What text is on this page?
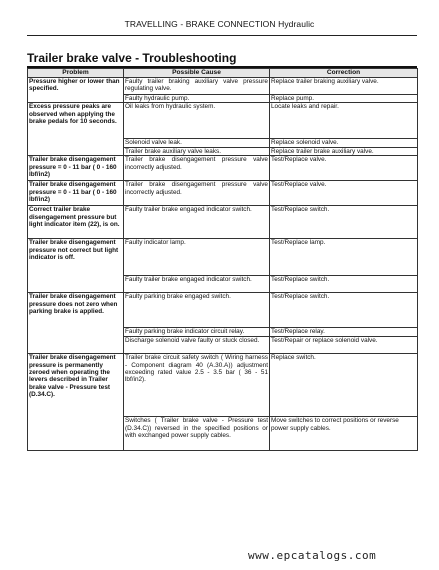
TRAVELLING - BRAKE CONNECTION Hydraulic
Trailer brake valve - Troubleshooting
Problem	Possible Cause	Correction
Pressure higher or lower than specified.	Faulty trailer braking auxiliary valve pressure regulating valve.	Replace trailer braking auxiliary valve.
	Faulty hydraulic pump.	Replace pump.
Excess pressure peaks are observed when applying the brake pedals for 10 seconds.	Oil leaks from hydraulic system.	Locate leaks and repair.
	Solenoid valve leak.	Replace solenoid valve.
	Trailer brake auxiliary valve leaks.	Replace trailer brake auxiliary valve.
Trailer brake disengagement pressure = 0 - 11 bar ( 0 - 160 lbf/in2)	Trailer brake disengagement pressure valve incorrectly adjusted.	Test/Replace valve.
Trailer brake disengagement pressure = 0 - 11 bar ( 0 - 160 lbf/in2)	Trailer brake disengagement pressure valve incorrectly adjusted.	Test/Replace valve.
Correct trailer brake disengagement pressure but light indicator item (22), is on.	Faulty trailer brake engaged indicator switch.	Test/Replace switch.
Trailer brake disengagement pressure not correct but light indicator is off.	Faulty indicator lamp.	Test/Replace lamp.
	Faulty trailer brake engaged indicator switch.	Test/Replace switch.
Trailer brake disengagement pressure does not zero when parking brake is applied.	Faulty parking brake engaged switch.	Test/Replace switch.
	Faulty parking brake indicator circuit relay.	Test/Replace relay.
	Discharge solenoid valve faulty or stuck closed.	Test/Repair or replace solenoid valve.
Trailer brake disengagement pressure is permanently zeroed when operating the levers described in Trailer brake valve - Pressure test (D.34.C).	Trailer brake circuit safety switch ( Wiring harness - Component diagram 40 (A.30.A)) adjustment exceeding rated value 2.5 - 3.5 bar ( 36 - 51 lbf/in2).	Replace switch.
	Switches ( Trailer brake valve - Pressure test (D.34.C)) reversed in the specified positions or with exchanged power supply cables.	Move switches to correct positions or reverse power supply cables.
www.epcatalogs.com
